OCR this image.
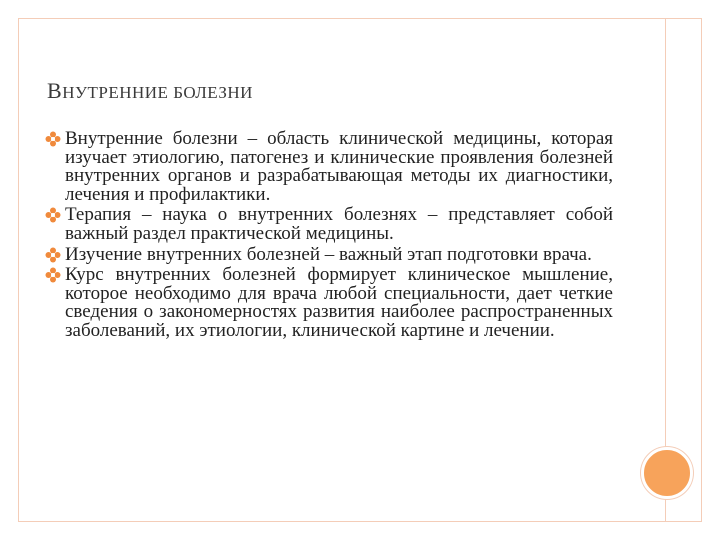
ВНУТРЕННИЕ БОЛЕЗНИ
Внутренние болезни – область клинической медицины, которая изучает этиологию, патогенез и клинические проявления болезней внутренних органов и разрабатывающая методы их диагностики, лечения и профилактики.
Терапия – наука о внутренних болезнях – представляет собой важный раздел практической медицины.
Изучение внутренних болезней – важный этап подготовки врача.
Курс внутренних болезней формирует клиническое мышление, которое необходимо для врача любой специальности, дает четкие сведения о закономерностях развития наиболее распространенных заболеваний, их этиологии, клинической картине и лечении.
